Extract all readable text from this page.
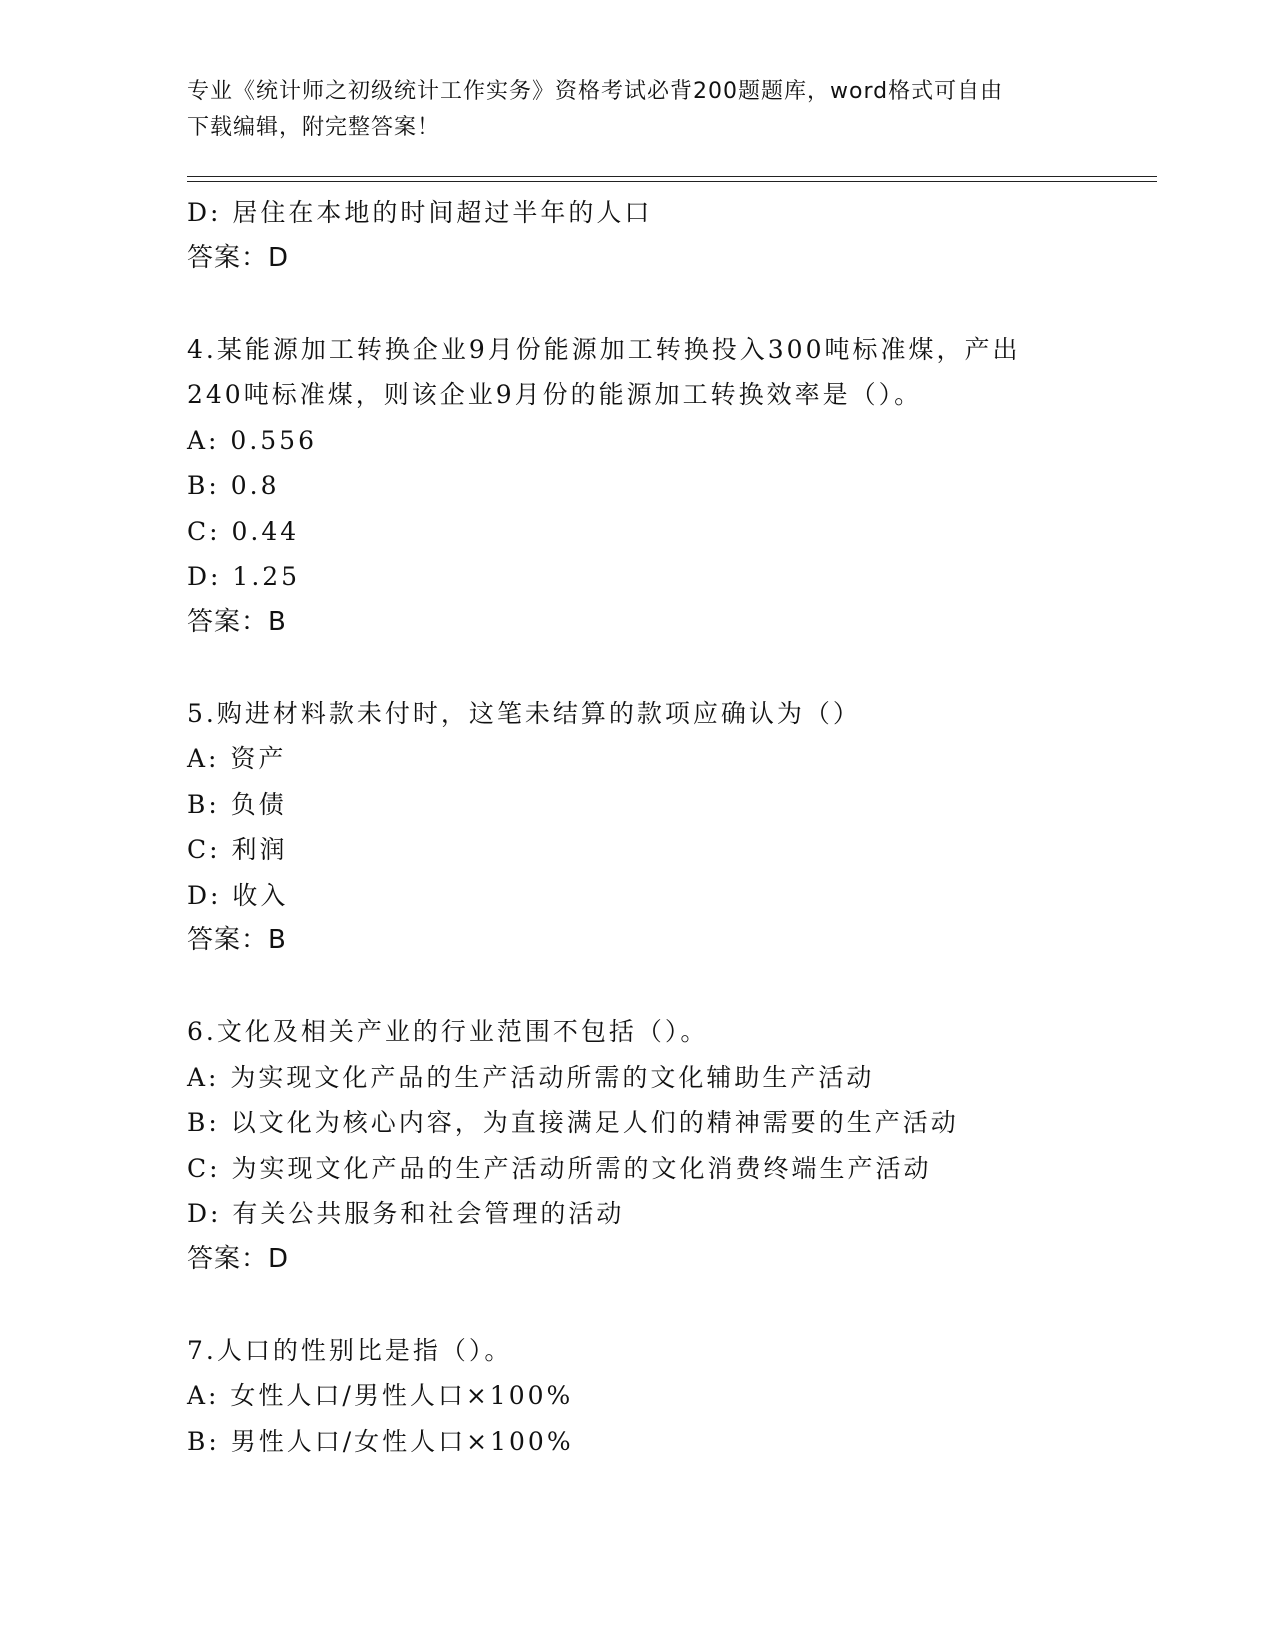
专业《统计师之初级统计工作实务》资格考试必背200题题库，word格式可自由
下载编辑，附完整答案！
D: 居住在本地的时间超过半年的人口
答案：D
4.某能源加工转换企业9月份能源加工转换投入300吨标准煤，产出
240吨标准煤，则该企业9月份的能源加工转换效率是（）。
A: 0.556
B: 0.8
C: 0.44
D: 1.25
答案：B
5.购进材料款未付时，这笔未结算的款项应确认为（）
A: 资产
B: 负债
C: 利润
D: 收入
答案：B
6.文化及相关产业的行业范围不包括（）。
A: 为实现文化产品的生产活动所需的文化辅助生产活动
B: 以文化为核心内容，为直接满足人们的精神需要的生产活动
C: 为实现文化产品的生产活动所需的文化消费终端生产活动
D: 有关公共服务和社会管理的活动
答案：D
7.人口的性别比是指（）。
A: 女性人口/男性人口×100%
B: 男性人口/女性人口×100%
